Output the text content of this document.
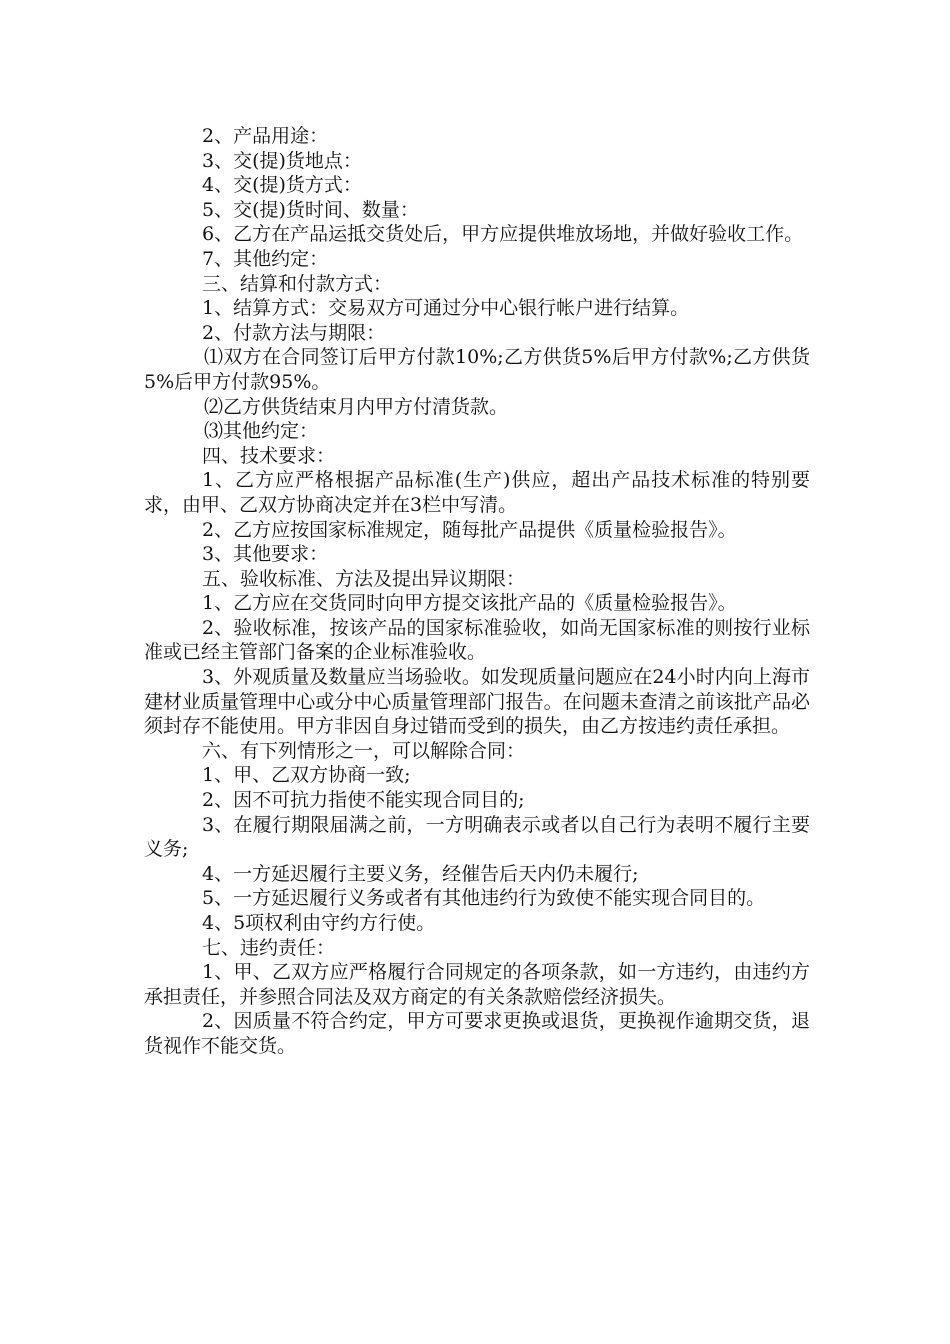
2、产品用途：

3、交(提)货地点：

4、交(提)货方式：

5、交(提)货时间、数量：

6、乙方在产品运抵交货处后，甲方应提供堆放场地，并做好验收工作。

7、其他约定：

三、结算和付款方式：

1、结算方式：交易双方可通过分中心银行帐户进行结算。

2、付款方法与期限：

⑴双方在合同签订后甲方付款10%;乙方供货5%后甲方付款%;乙方供货5%后甲方付款95%。

⑵乙方供货结束月内甲方付清货款。

⑶其他约定：

四、技术要求：

1、乙方应严格根据产品标准(生产)供应，超出产品技术标准的特别要求，由甲、乙双方协商决定并在3栏中写清。

2、乙方应按国家标准规定，随每批产品提供《质量检验报告》。

3、其他要求：

五、验收标准、方法及提出异议期限：

1、乙方应在交货同时向甲方提交该批产品的《质量检验报告》。

2、验收标准，按该产品的国家标准验收，如尚无国家标准的则按行业标准或已经主管部门备案的企业标准验收。

3、外观质量及数量应当场验收。如发现质量问题应在24小时内向上海市建材业质量管理中心或分中心质量管理部门报告。在问题未查清之前该批产品必须封存不能使用。甲方非因自身过错而受到的损失，由乙方按违约责任承担。

六、有下列情形之一，可以解除合同：

1、甲、乙双方协商一致;

2、因不可抗力指使不能实现合同目的;

3、在履行期限届满之前，一方明确表示或者以自己行为表明不履行主要义务;

4、一方延迟履行主要义务，经催告后天内仍未履行;

5、一方延迟履行义务或者有其他违约行为致使不能实现合同目的。

4、5项权利由守约方行使。

七、违约责任：

1、甲、乙双方应严格履行合同规定的各项条款，如一方违约，由违约方承担责任，并参照合同法及双方商定的有关条款赔偿经济损失。

2、因质量不符合约定，甲方可要求更换或退货，更换视作逾期交货，退货视作不能交货。
